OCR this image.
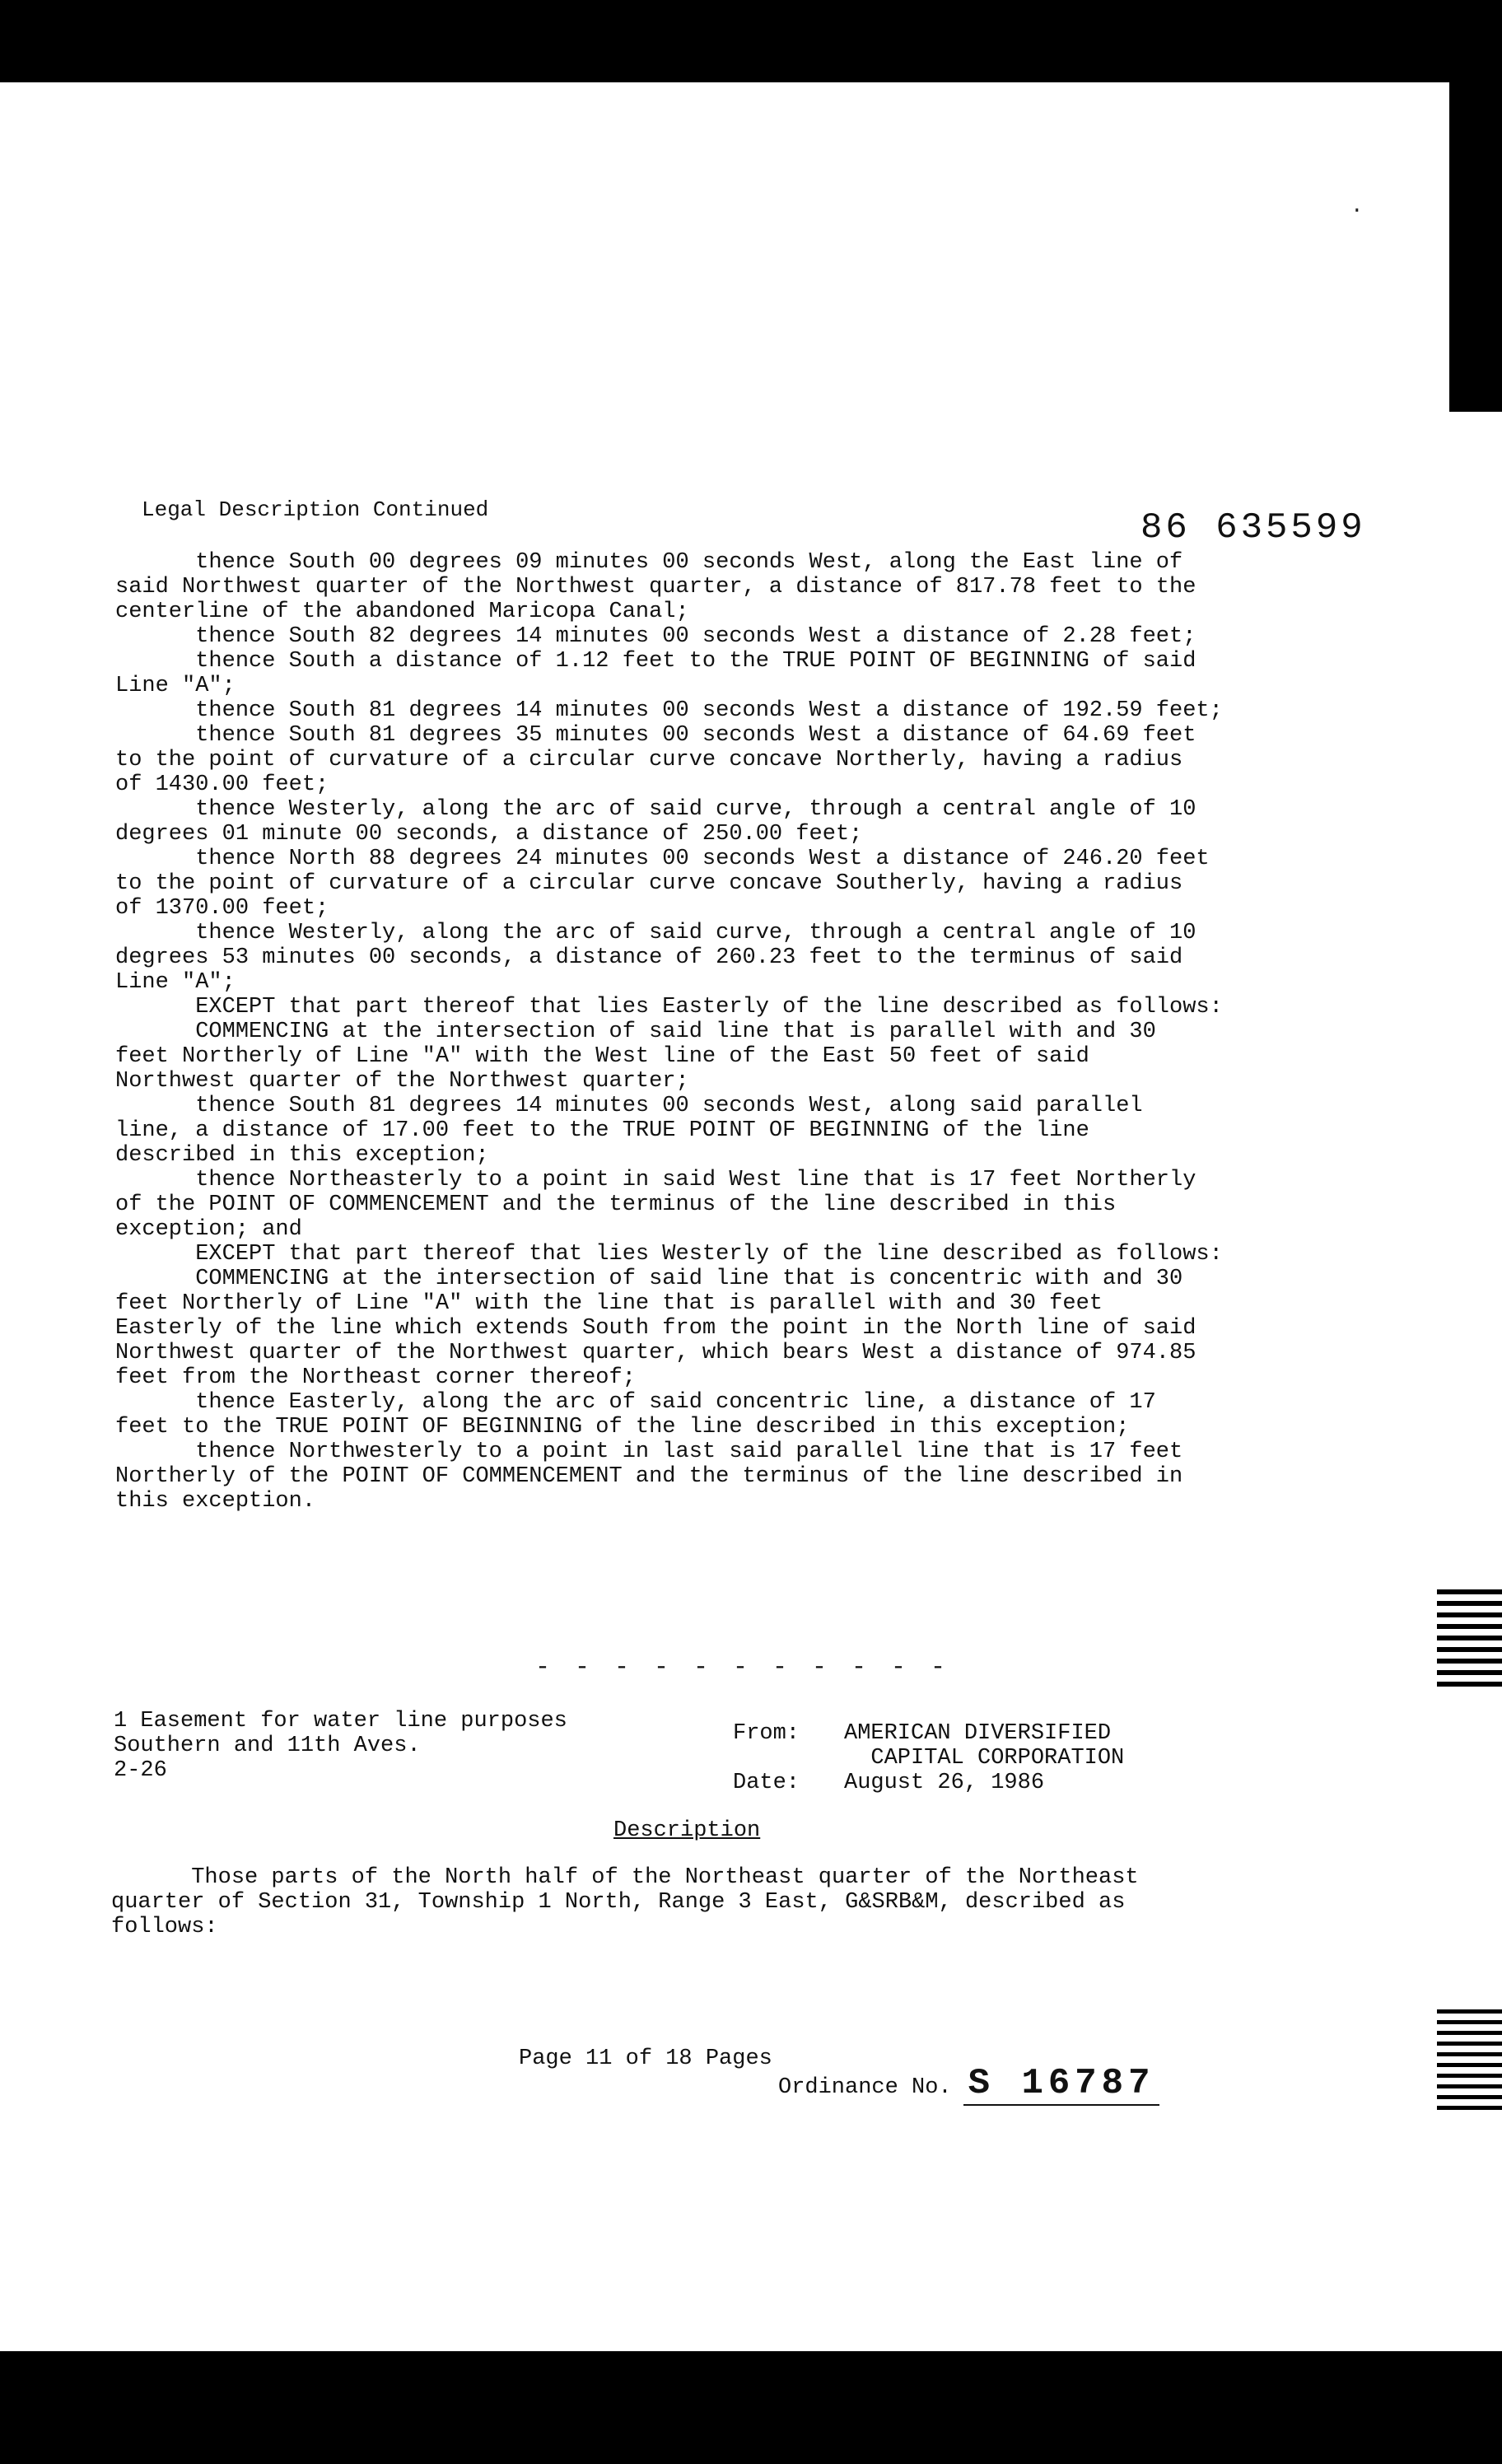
.
Legal Description Continued	86 635599
thence South 00 degrees 09 minutes 00 seconds West, along the East line of
said Northwest quarter of the Northwest quarter, a distance of 817.78 feet to the
centerline of the abandoned Maricopa Canal;
thence South 82 degrees 14 minutes 00 seconds West a distance of 2.28 feet;
thence South a distance of 1.12 feet to the TRUE POINT OF BEGINNING of said
Line "A";
thence South 81 degrees 14 minutes 00 seconds West a distance of 192.59 feet;
thence South 81 degrees 35 minutes 00 seconds West a distance of 64.69 feet
to the point of curvature of a circular curve concave Northerly, having a radius
of 1430.00 feet;
thence Westerly, along the arc of said curve, through a central angle of 10
degrees 01 minute 00 seconds, a distance of 250.00 feet;
thence North 88 degrees 24 minutes 00 seconds West a distance of 246.20 feet
to the point of curvature of a circular curve concave Southerly, having a radius
of 1370.00 feet;
thence Westerly, along the arc of said curve, through a central angle of 10
degrees 53 minutes 00 seconds, a distance of 260.23 feet to the terminus of said
Line "A";
EXCEPT that part thereof that lies Easterly of the line described as follows:
COMMENCING at the intersection of said line that is parallel with and 30
feet Northerly of Line "A" with the West line of the East 50 feet of said
Northwest quarter of the Northwest quarter;
thence South 81 degrees 14 minutes 00 seconds West, along said parallel
line, a distance of 17.00 feet to the TRUE POINT OF BEGINNING of the line
described in this exception;
thence Northeasterly to a point in said West line that is 17 feet Northerly
of the POINT OF COMMENCEMENT and the terminus of the line described in this
exception; and
EXCEPT that part thereof that lies Westerly of the line described as follows:
COMMENCING at the intersection of said line that is concentric with and 30
feet Northerly of Line "A" with the line that is parallel with and 30 feet
Easterly of the line which extends South from the point in the North line of said
Northwest quarter of the Northwest quarter, which bears West a distance of 974.85
feet from the Northeast corner thereof;
thence Easterly, along the arc of said concentric line, a distance of 17
feet to the TRUE POINT OF BEGINNING of the line described in this exception;
thence Northwesterly to a point in last said parallel line that is 17 feet
Northerly of the POINT OF COMMENCEMENT and the terminus of the line described in
this exception.
- - - - - - - - - - -
1 Easement for water line purposes
Southern and 11th Aves.
2-26
From: AMERICAN DIVERSIFIED
CAPITAL CORPORATION
Date: August 26, 1986
Description
Those parts of the North half of the Northeast quarter of the Northeast
quarter of Section 31, Township 1 North, Range 3 East, G&SRB&M, described as
follows:
Page 11 of 18 Pages
Ordinance No. S 16787
